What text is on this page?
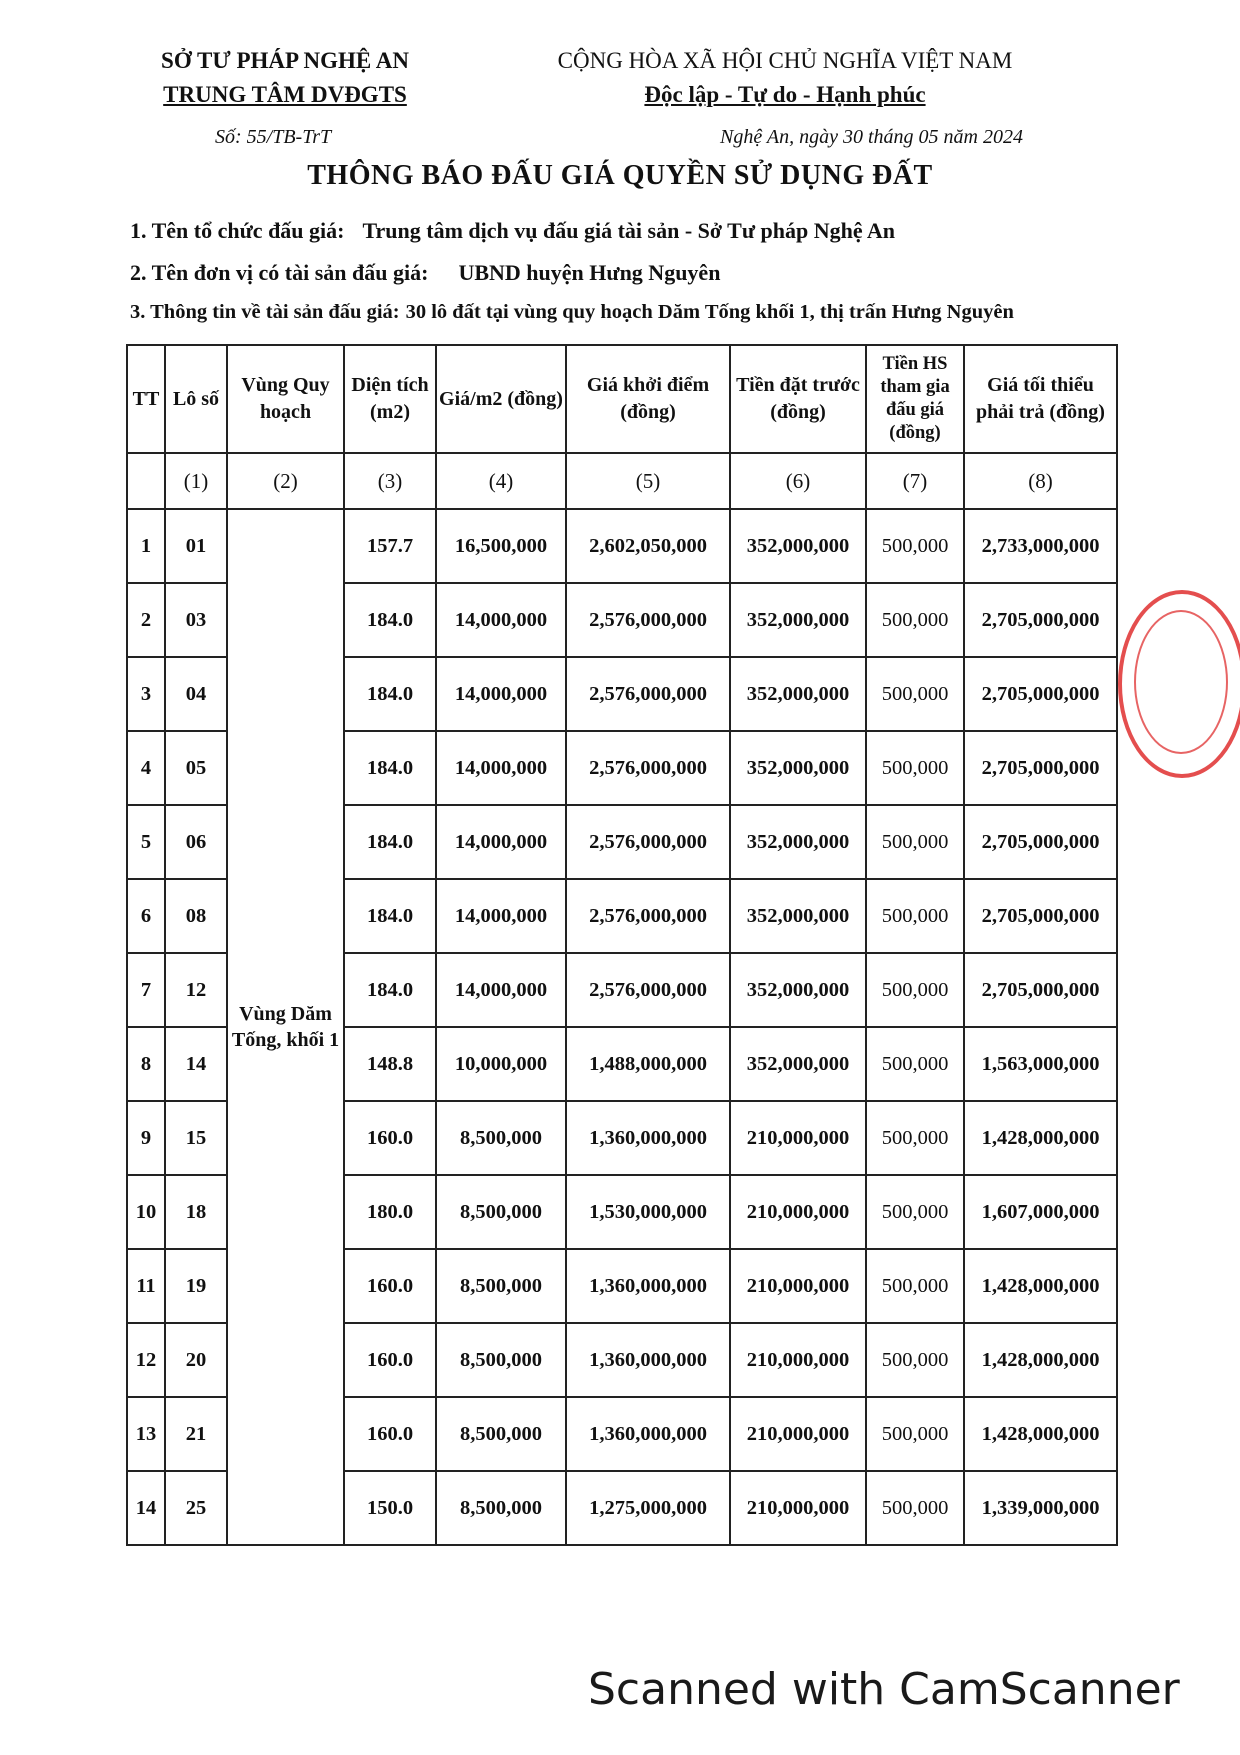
SỞ TƯ PHÁP NGHỆ AN
TRUNG TÂM DVĐGTS
CỘNG HÒA XÃ HỘI CHỦ NGHĨA VIỆT NAM
Độc lập - Tự do - Hạnh phúc
Số: 55/TB-TrT	Nghệ An, ngày 30 tháng 05 năm 2024
THÔNG BÁO ĐẤU GIÁ QUYỀN SỬ DỤNG ĐẤT
1. Tên tổ chức đấu giá: Trung tâm dịch vụ đấu giá tài sản - Sở Tư pháp Nghệ An
2. Tên đơn vị có tài sản đấu giá: UBND huyện Hưng Nguyên
3. Thông tin về tài sản đấu giá: 30 lô đất tại vùng quy hoạch Dăm Tống khối 1, thị trấn Hưng Nguyên
TT	Lô số	Vùng Quy hoạch	Diện tích (m2)	Giá/m2 (đồng)	Giá khởi điểm (đồng)	Tiền đặt trước (đồng)	Tiền HS tham gia đấu giá (đồng)	Giá tối thiểu phải trả (đồng)
	(1)	(2)	(3)	(4)	(5)	(6)	(7)	(8)
1	01	Vùng Dăm Tống, khối 1	157.7	16,500,000	2,602,050,000	352,000,000	500,000	2,733,000,000
2	03		184.0	14,000,000	2,576,000,000	352,000,000	500,000	2,705,000,000
3	04		184.0	14,000,000	2,576,000,000	352,000,000	500,000	2,705,000,000
4	05		184.0	14,000,000	2,576,000,000	352,000,000	500,000	2,705,000,000
5	06		184.0	14,000,000	2,576,000,000	352,000,000	500,000	2,705,000,000
6	08		184.0	14,000,000	2,576,000,000	352,000,000	500,000	2,705,000,000
7	12		184.0	14,000,000	2,576,000,000	352,000,000	500,000	2,705,000,000
8	14		148.8	10,000,000	1,488,000,000	352,000,000	500,000	1,563,000,000
9	15		160.0	8,500,000	1,360,000,000	210,000,000	500,000	1,428,000,000
10	18		180.0	8,500,000	1,530,000,000	210,000,000	500,000	1,607,000,000
11	19		160.0	8,500,000	1,360,000,000	210,000,000	500,000	1,428,000,000
12	20		160.0	8,500,000	1,360,000,000	210,000,000	500,000	1,428,000,000
13	21		160.0	8,500,000	1,360,000,000	210,000,000	500,000	1,428,000,000
14	25		150.0	8,500,000	1,275,000,000	210,000,000	500,000	1,339,000,000
Scanned with CamScanner
